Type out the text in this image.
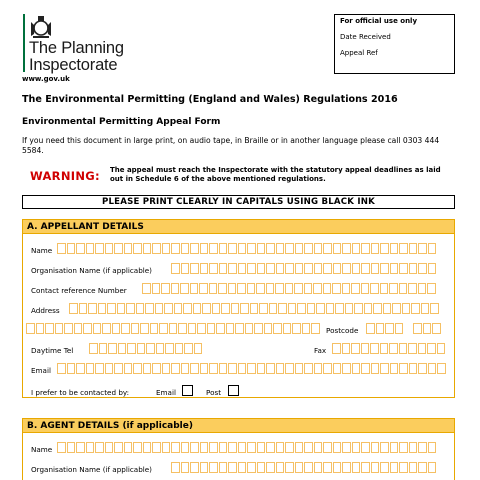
The Planning
Inspectorate
www.gov.uk
For official use only
Date Received
Appeal Ref
The Environmental Permitting (England and Wales) Regulations 2016
Environmental Permitting Appeal Form
If you need this document in large print, on audio tape, in Braille or in another language please call 0303 444 5584.
WARNING: The appeal must reach the Inspectorate with the statutory appeal deadlines as laid out in Schedule 6 of the above mentioned regulations.
PLEASE PRINT CLEARLY IN CAPITALS USING BLACK INK
A. APPELLANT DETAILS
Name
Organisation Name (if applicable)
Contact reference Number
Address
Postcode
Daytime Tel	Fax
Email
I prefer to be contacted by:	Email	Post
B. AGENT DETAILS (if applicable)
Name
Organisation Name (if applicable)
